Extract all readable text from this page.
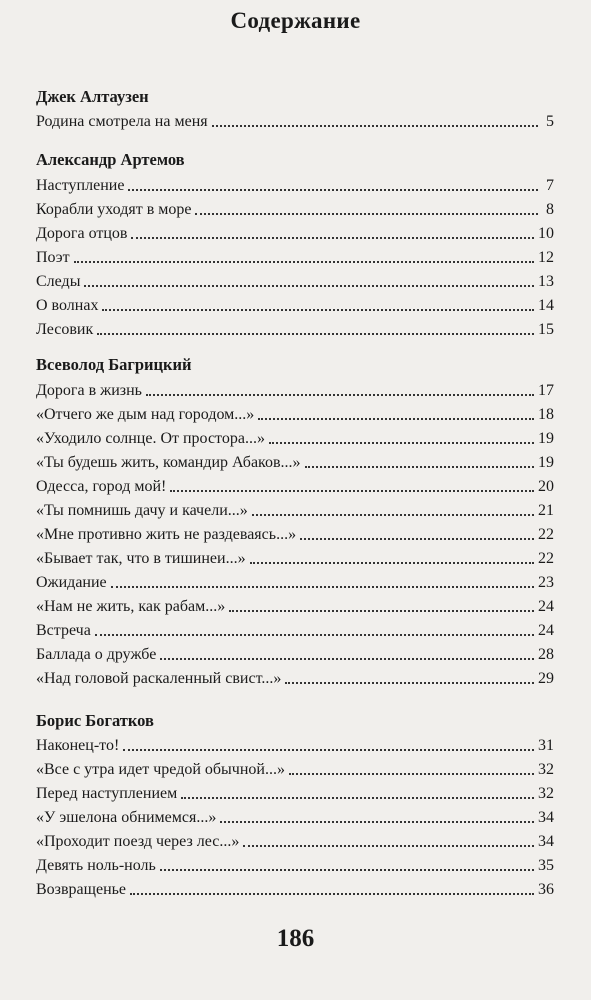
Содержание
Джек Алтаузен
Родина смотрела на меня	5
Александр Артемов
Наступление	7
Корабли уходят в море	8
Дорога отцов	10
Поэт	12
Следы	13
О волнах	14
Лесовик	15
Всеволод Багрицкий
Дорога в жизнь	17
«Отчего же дым над городом...»	18
«Уходило солнце. От простора...»	19
«Ты будешь жить, командир Абаков...»	19
Одесса, город мой!	20
«Ты помнишь дачу и качели...»	21
«Мне противно жить не раздеваясь...»	22
«Бывает так, что в тишинеи...»	22
Ожидание	23
«Нам не жить, как рабам...»	24
Встреча	24
Баллада о дружбе	28
«Над головой раскаленный свист...»	29
Борис Богатков
Наконец-то!	31
«Все с утра идет чредой обычной...»	32
Перед наступлением	32
«У эшелона обнимемся...»	34
«Проходит поезд через лес...»	34
Девять ноль-ноль	35
Возвращенье	36
186
